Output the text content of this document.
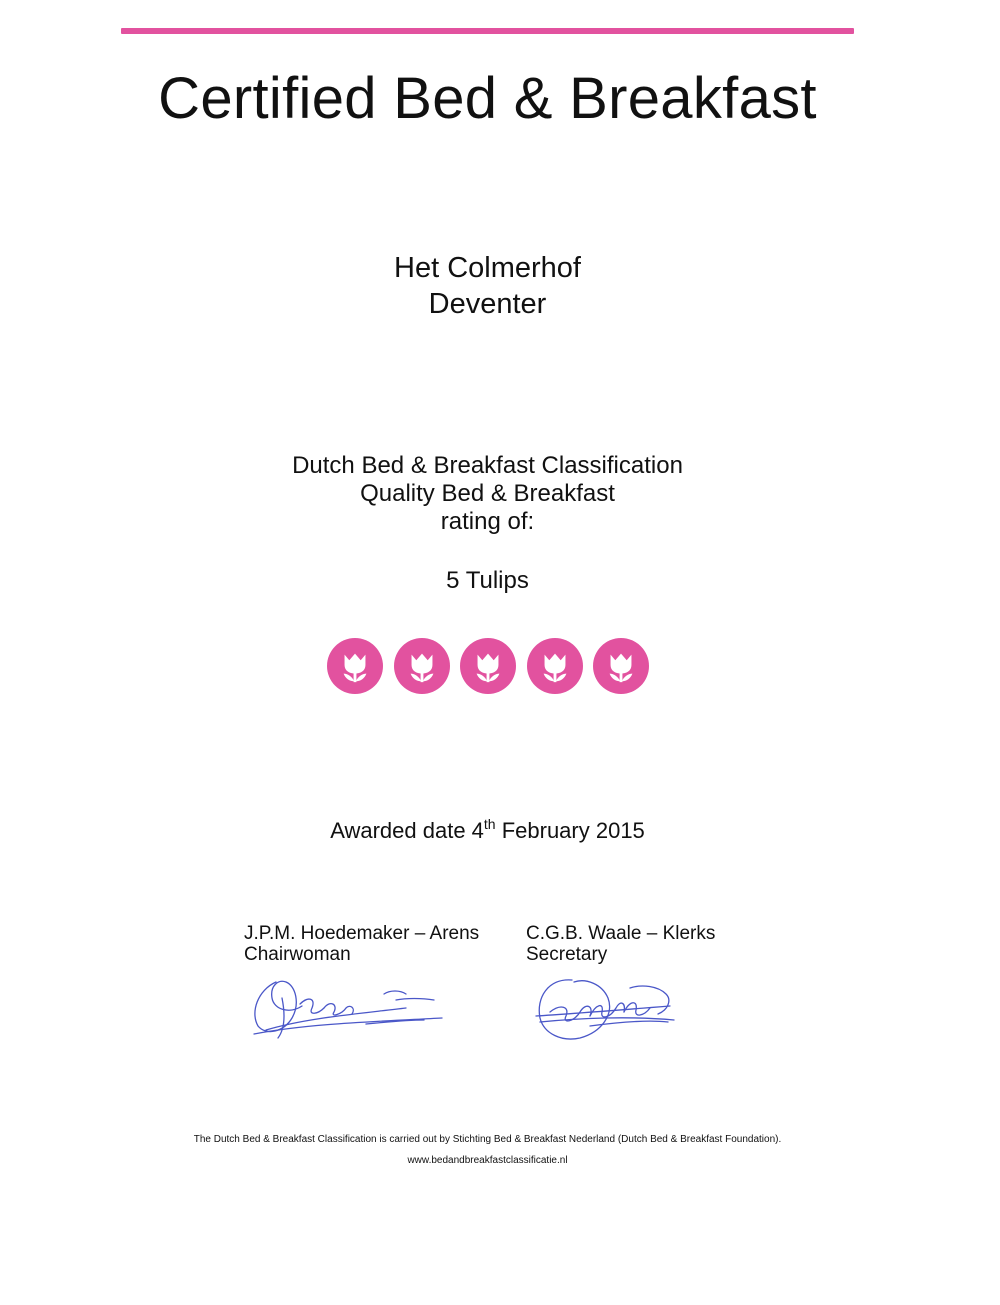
Certified Bed & Breakfast
Het Colmerhof
Deventer
Dutch Bed & Breakfast Classification
Quality Bed & Breakfast
rating of:
5 Tulips
Awarded date 4th February 2015
J.P.M. Hoedemaker – Arens
Chairwoman
C.G.B. Waale – Klerks
Secretary
The Dutch Bed & Breakfast Classification is carried out by Stichting Bed & Breakfast Nederland (Dutch Bed & Breakfast Foundation).
www.bedandbreakfastclassificatie.nl
